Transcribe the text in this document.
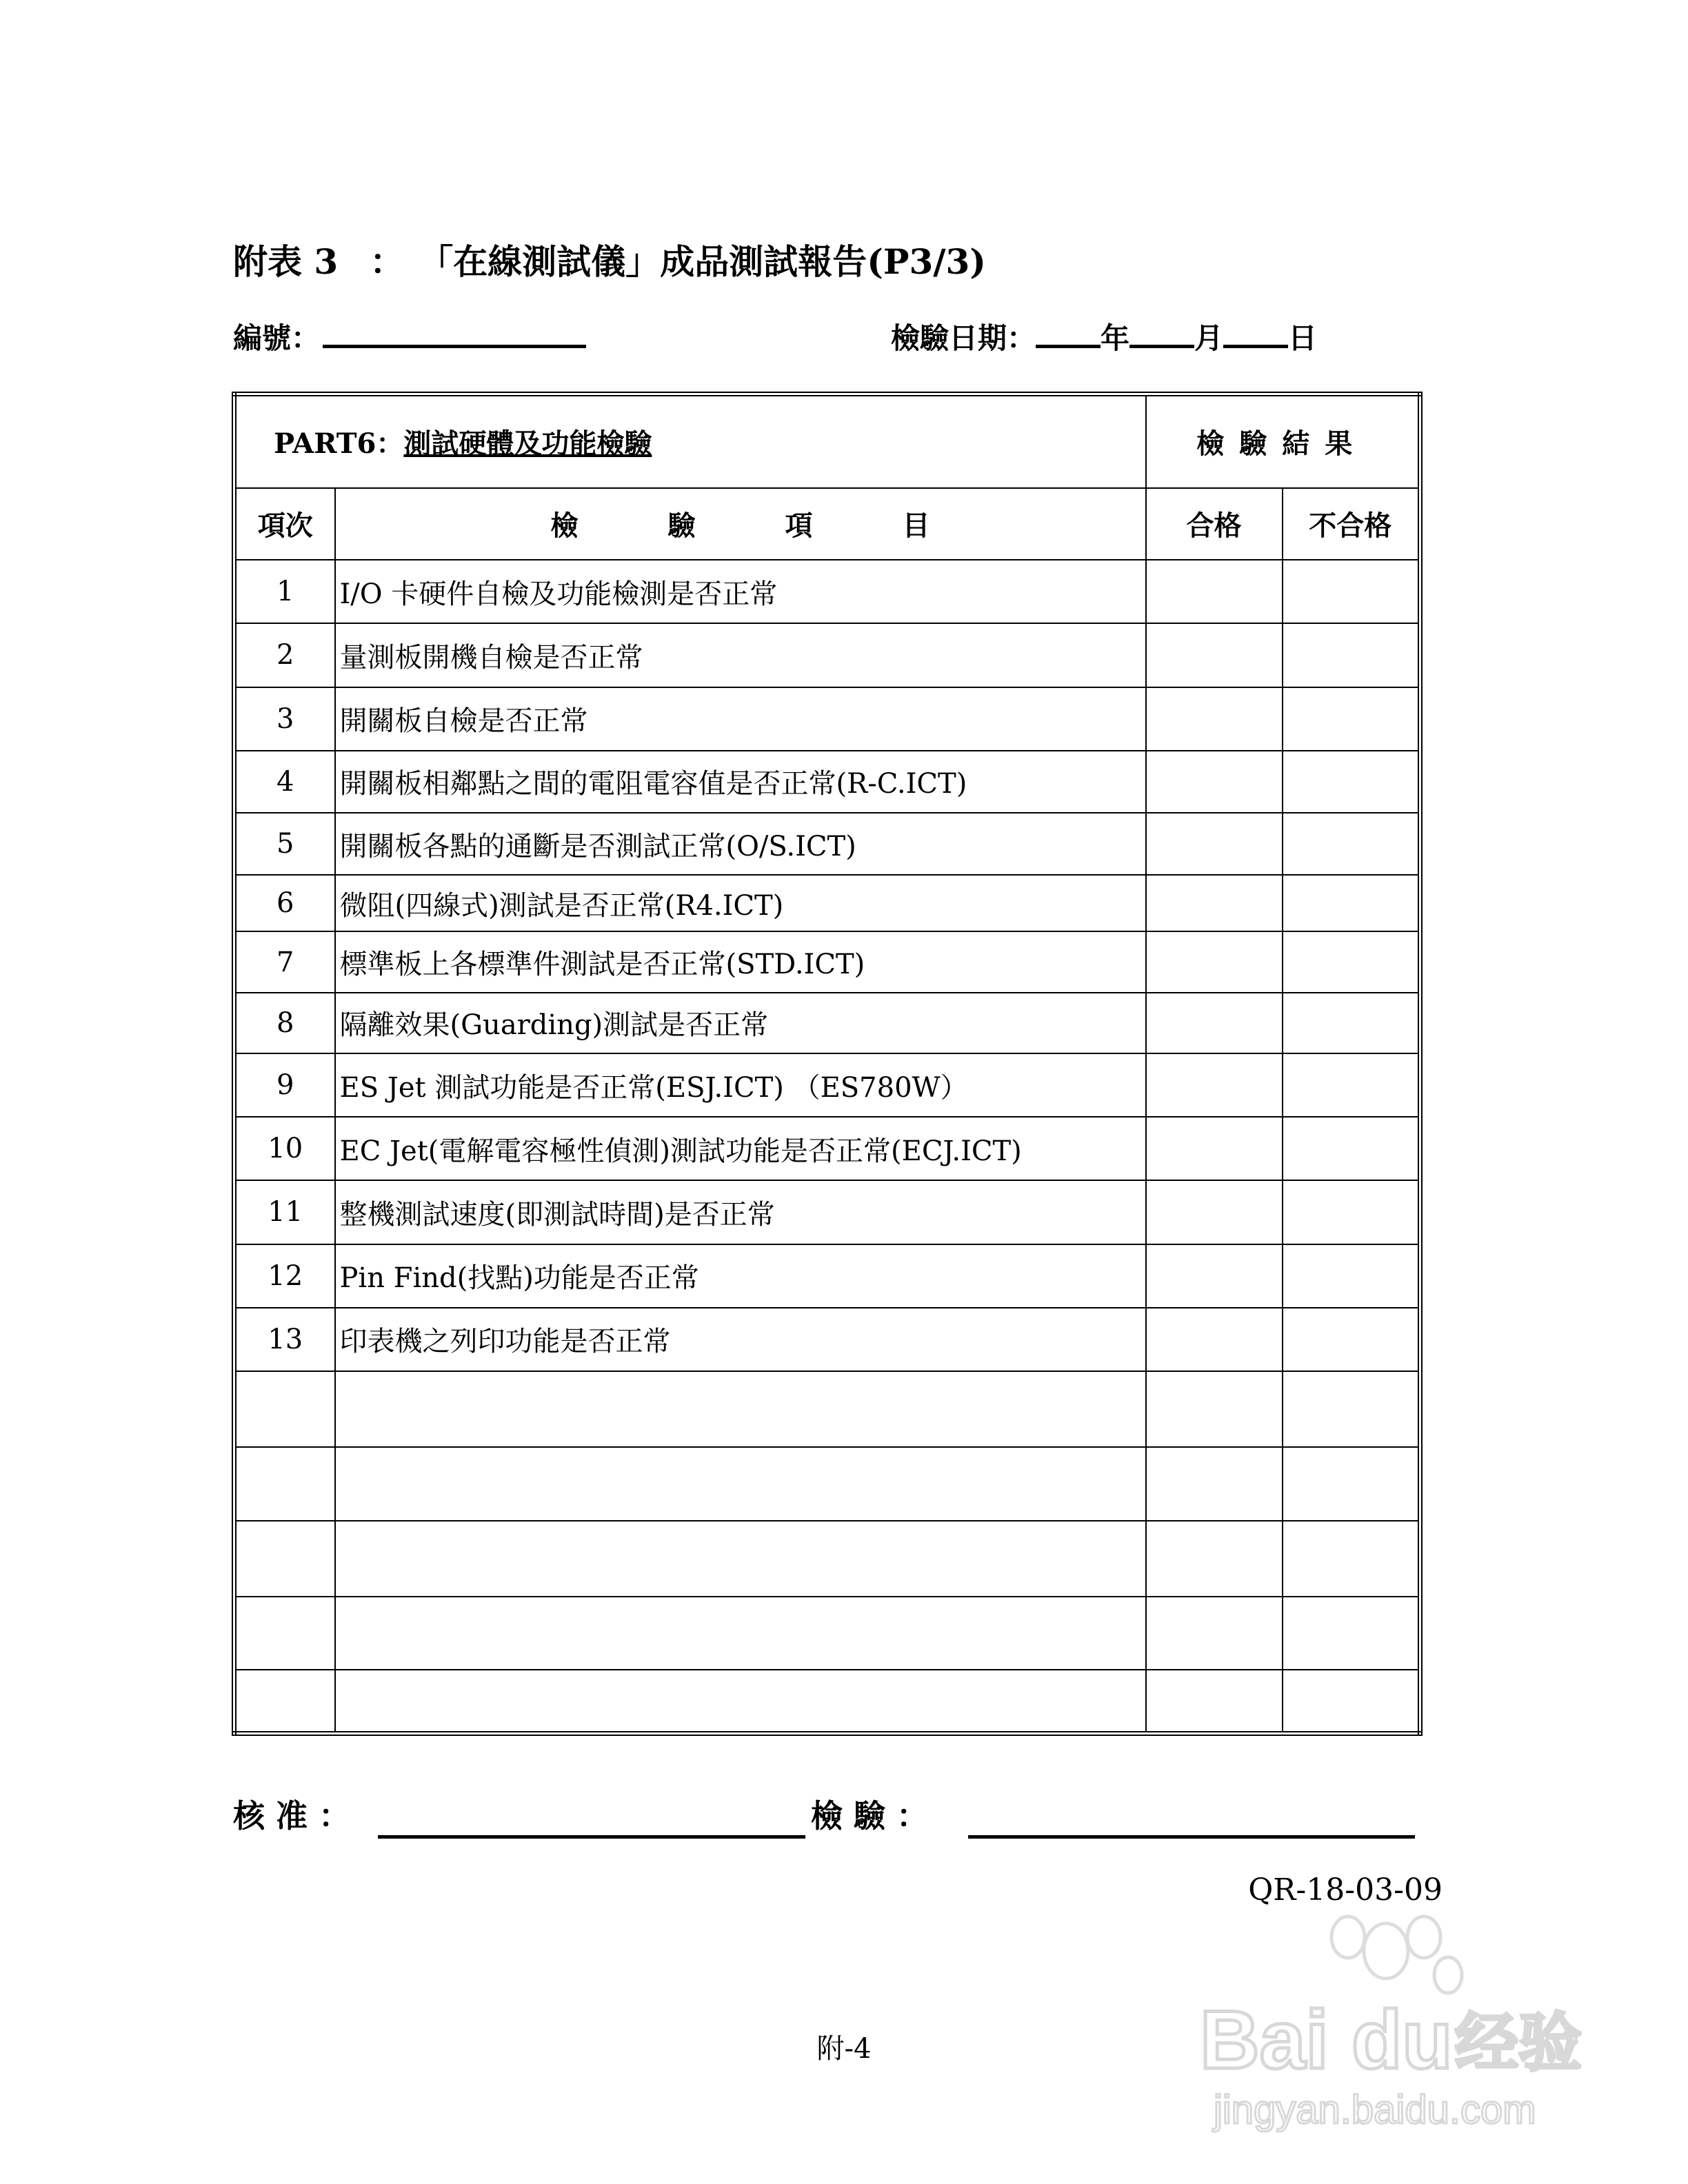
附表 3 ： 「在線測試儀」成品測試報告(P3/3)
編號：	檢驗日期： 年 月 日
PART6：測試硬體及功能檢驗		檢驗結果	
項次	檢驗項目	合格	不合格
1	I/O 卡硬件自檢及功能檢測是否正常		
2	量測板開機自檢是否正常		
3	開關板自檢是否正常		
4	開關板相鄰點之間的電阻電容值是否正常(R-C.ICT)		
5	開關板各點的通斷是否測試正常(O/S.ICT)		
6	微阻(四線式)測試是否正常(R4.ICT)		
7	標準板上各標準件測試是否正常(STD.ICT)		
8	隔離效果(Guarding)測試是否正常		
9	ES Jet 測試功能是否正常(ESJ.ICT) （ES780W）		
10	EC Jet(電解電容極性偵測)測試功能是否正常(ECJ.ICT)		
11	整機測試速度(即測試時間)是否正常		
12	Pin Find(找點)功能是否正常		
13	印表機之列印功能是否正常		

核 准 ：	檢 驗 ：
QR-18-03-09
附-4	Bai du 经验
jingyan.baidu.com
